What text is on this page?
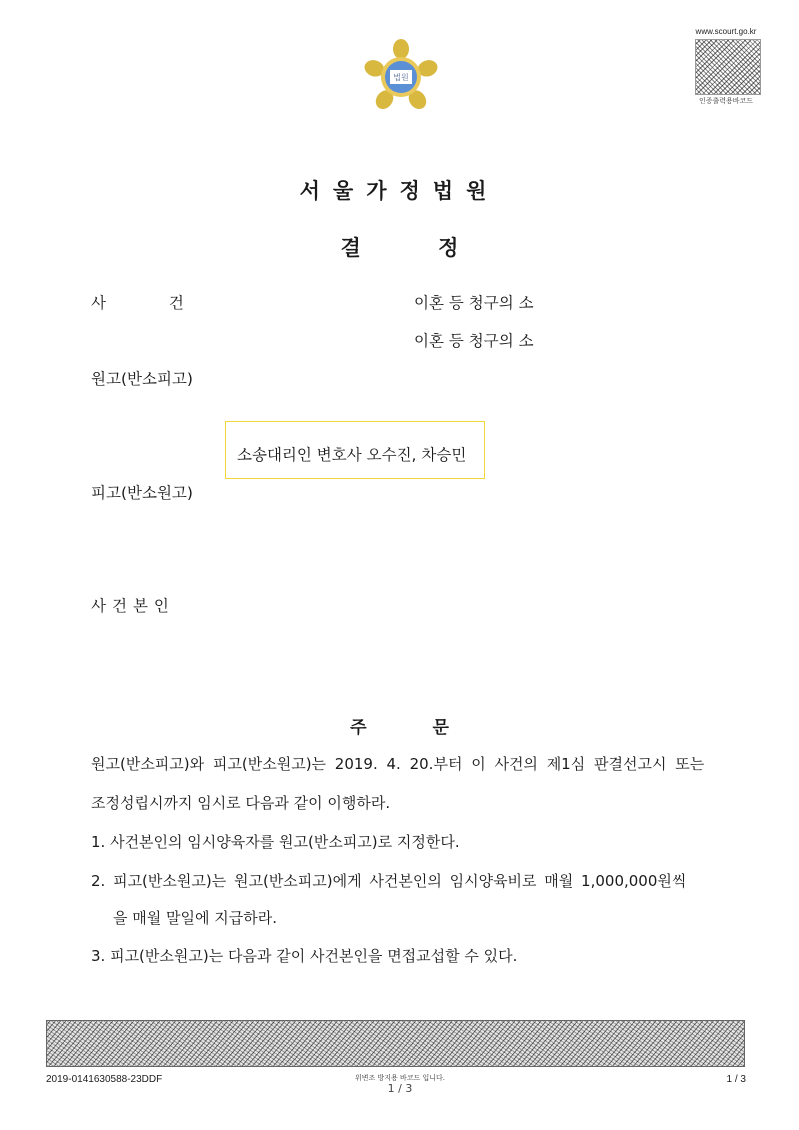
법원
www.scourt.go.kr
인증출력용바코드
서울가정법원
결 정
사 건	이혼 등 청구의 소
이혼 등 청구의 소
원고(반소피고)
소송대리인 변호사 오수진, 차승민
피고(반소원고)
사건본인
주 문
원고(반소피고)와 피고(반소원고)는 2019. 4. 20.부터 이 사건의 제1심 판결선고시 또는
조정성립시까지 임시로 다음과 같이 이행하라.
1. 사건본인의 임시양육자를 원고(반소피고)로 지정한다.
2. 피고(반소원고)는 원고(반소피고)에게 사건본인의 임시양육비로 매월 1,000,000원씩
을 매월 말일에 지급하라.
3. 피고(반소원고)는 다음과 같이 사건본인을 면접교섭할 수 있다.
2019-0141630588-23DDF	위변조 방지용 바코드 입니다.
1 / 3
1 / 3
